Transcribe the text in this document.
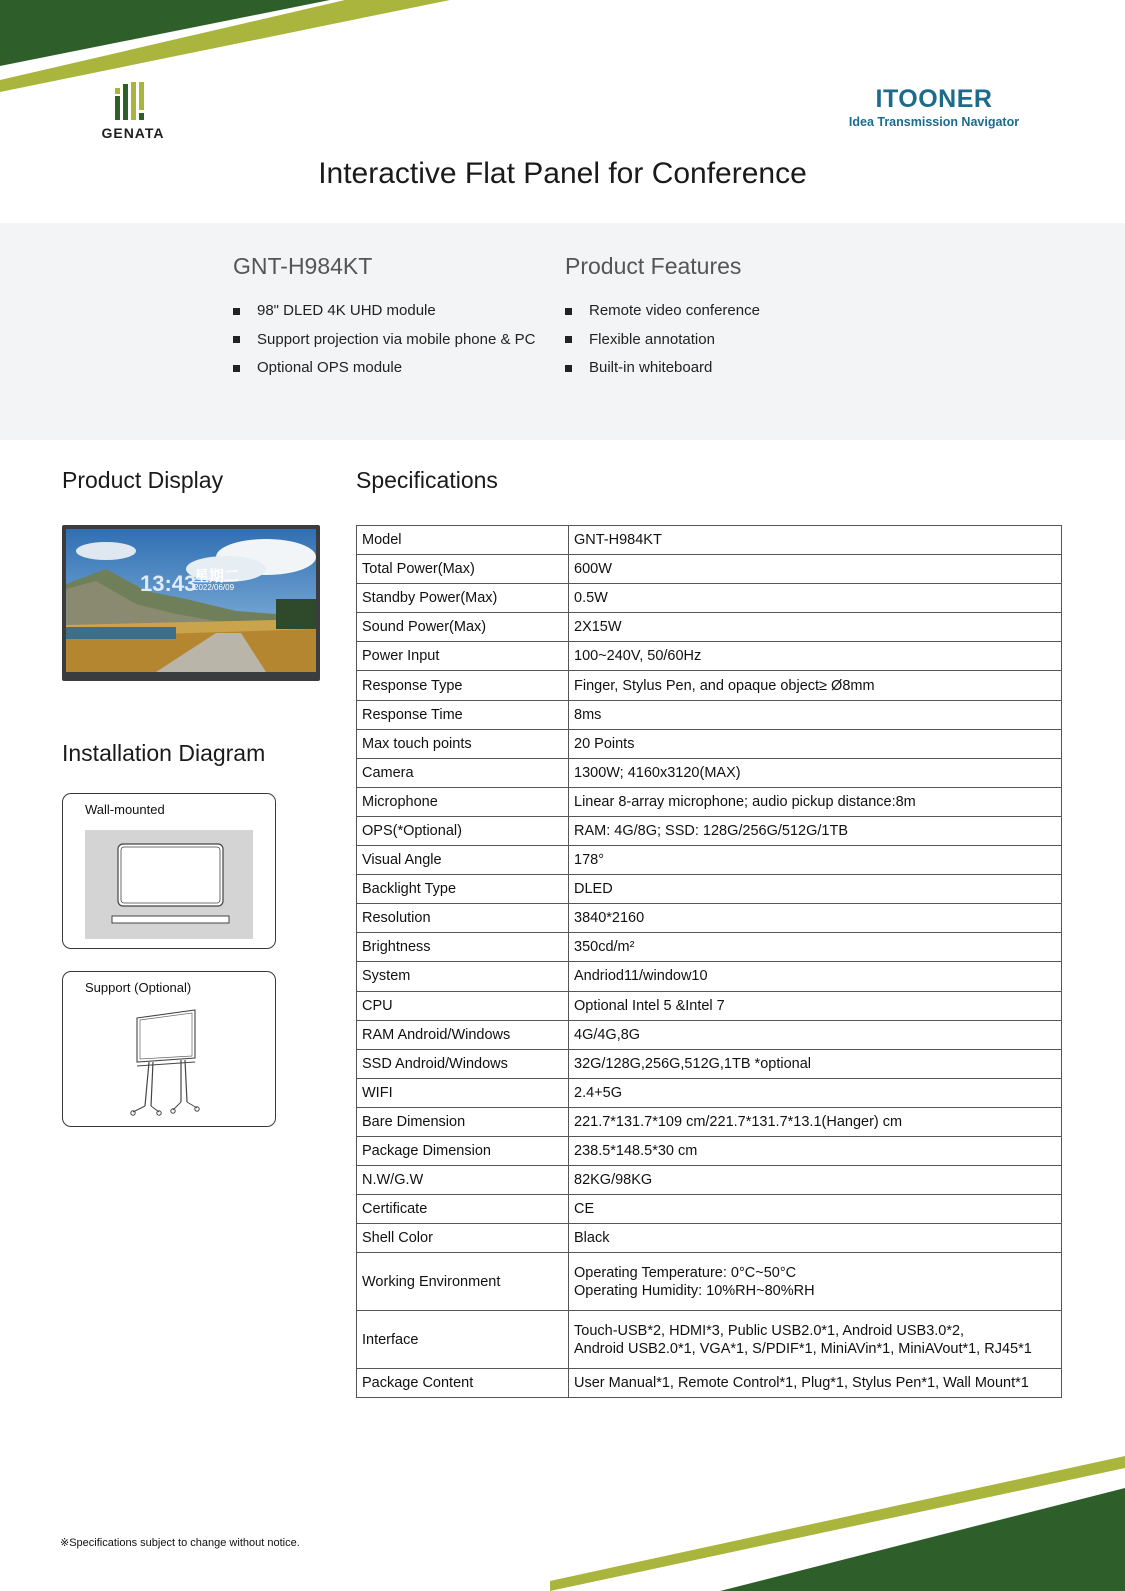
GENATA
ITOONER
Idea Transmission Navigator
Interactive Flat Panel for Conference
GNT-H984KT
98" DLED 4K UHD module
Support projection via mobile phone & PC
Optional OPS module
Product Features
Remote video conference
Flexible annotation
Built-in whiteboard
Product Display	Specifications
Installation Diagram
13:43
星期二
2022/06/09
Wall-mounted
Support (Optional)
Model	GNT-H984KT
Total Power(Max)	600W
Standby Power(Max)	0.5W
Sound Power(Max)	2X15W
Power Input	100~240V, 50/60Hz
Response Type	Finger, Stylus Pen, and opaque object≥ Ø8mm
Response Time	8ms
Max touch points	20 Points
Camera	1300W; 4160x3120(MAX)
Microphone	Linear 8-array microphone; audio pickup distance:8m
OPS(*Optional)	RAM: 4G/8G; SSD: 128G/256G/512G/1TB
Visual Angle	178°
Backlight Type	DLED
Resolution	3840*2160
Brightness	350cd/m²
System	Andriod11/window10
CPU	Optional Intel 5 &Intel 7
RAM Android/Windows	4G/4G,8G
SSD Android/Windows	32G/128G,256G,512G,1TB *optional
WIFI	2.4+5G
Bare Dimension	221.7*131.7*109 cm/221.7*131.7*13.1(Hanger) cm
Package Dimension	238.5*148.5*30 cm
N.W/G.W	82KG/98KG
Certificate	CE
Shell Color	Black
Working Environment	Operating Temperature: 0°C~50°C
Operating Humidity: 10%RH~80%RH

Interface	Touch-USB*2, HDMI*3, Public USB2.0*1, Android USB3.0*2,
Android USB2.0*1, VGA*1, S/PDIF*1, MiniAVin*1, MiniAVout*1, RJ45*1

Package Content	User Manual*1, Remote Control*1, Plug*1, Stylus Pen*1, Wall Mount*1
※Specifications subject to change without notice.
